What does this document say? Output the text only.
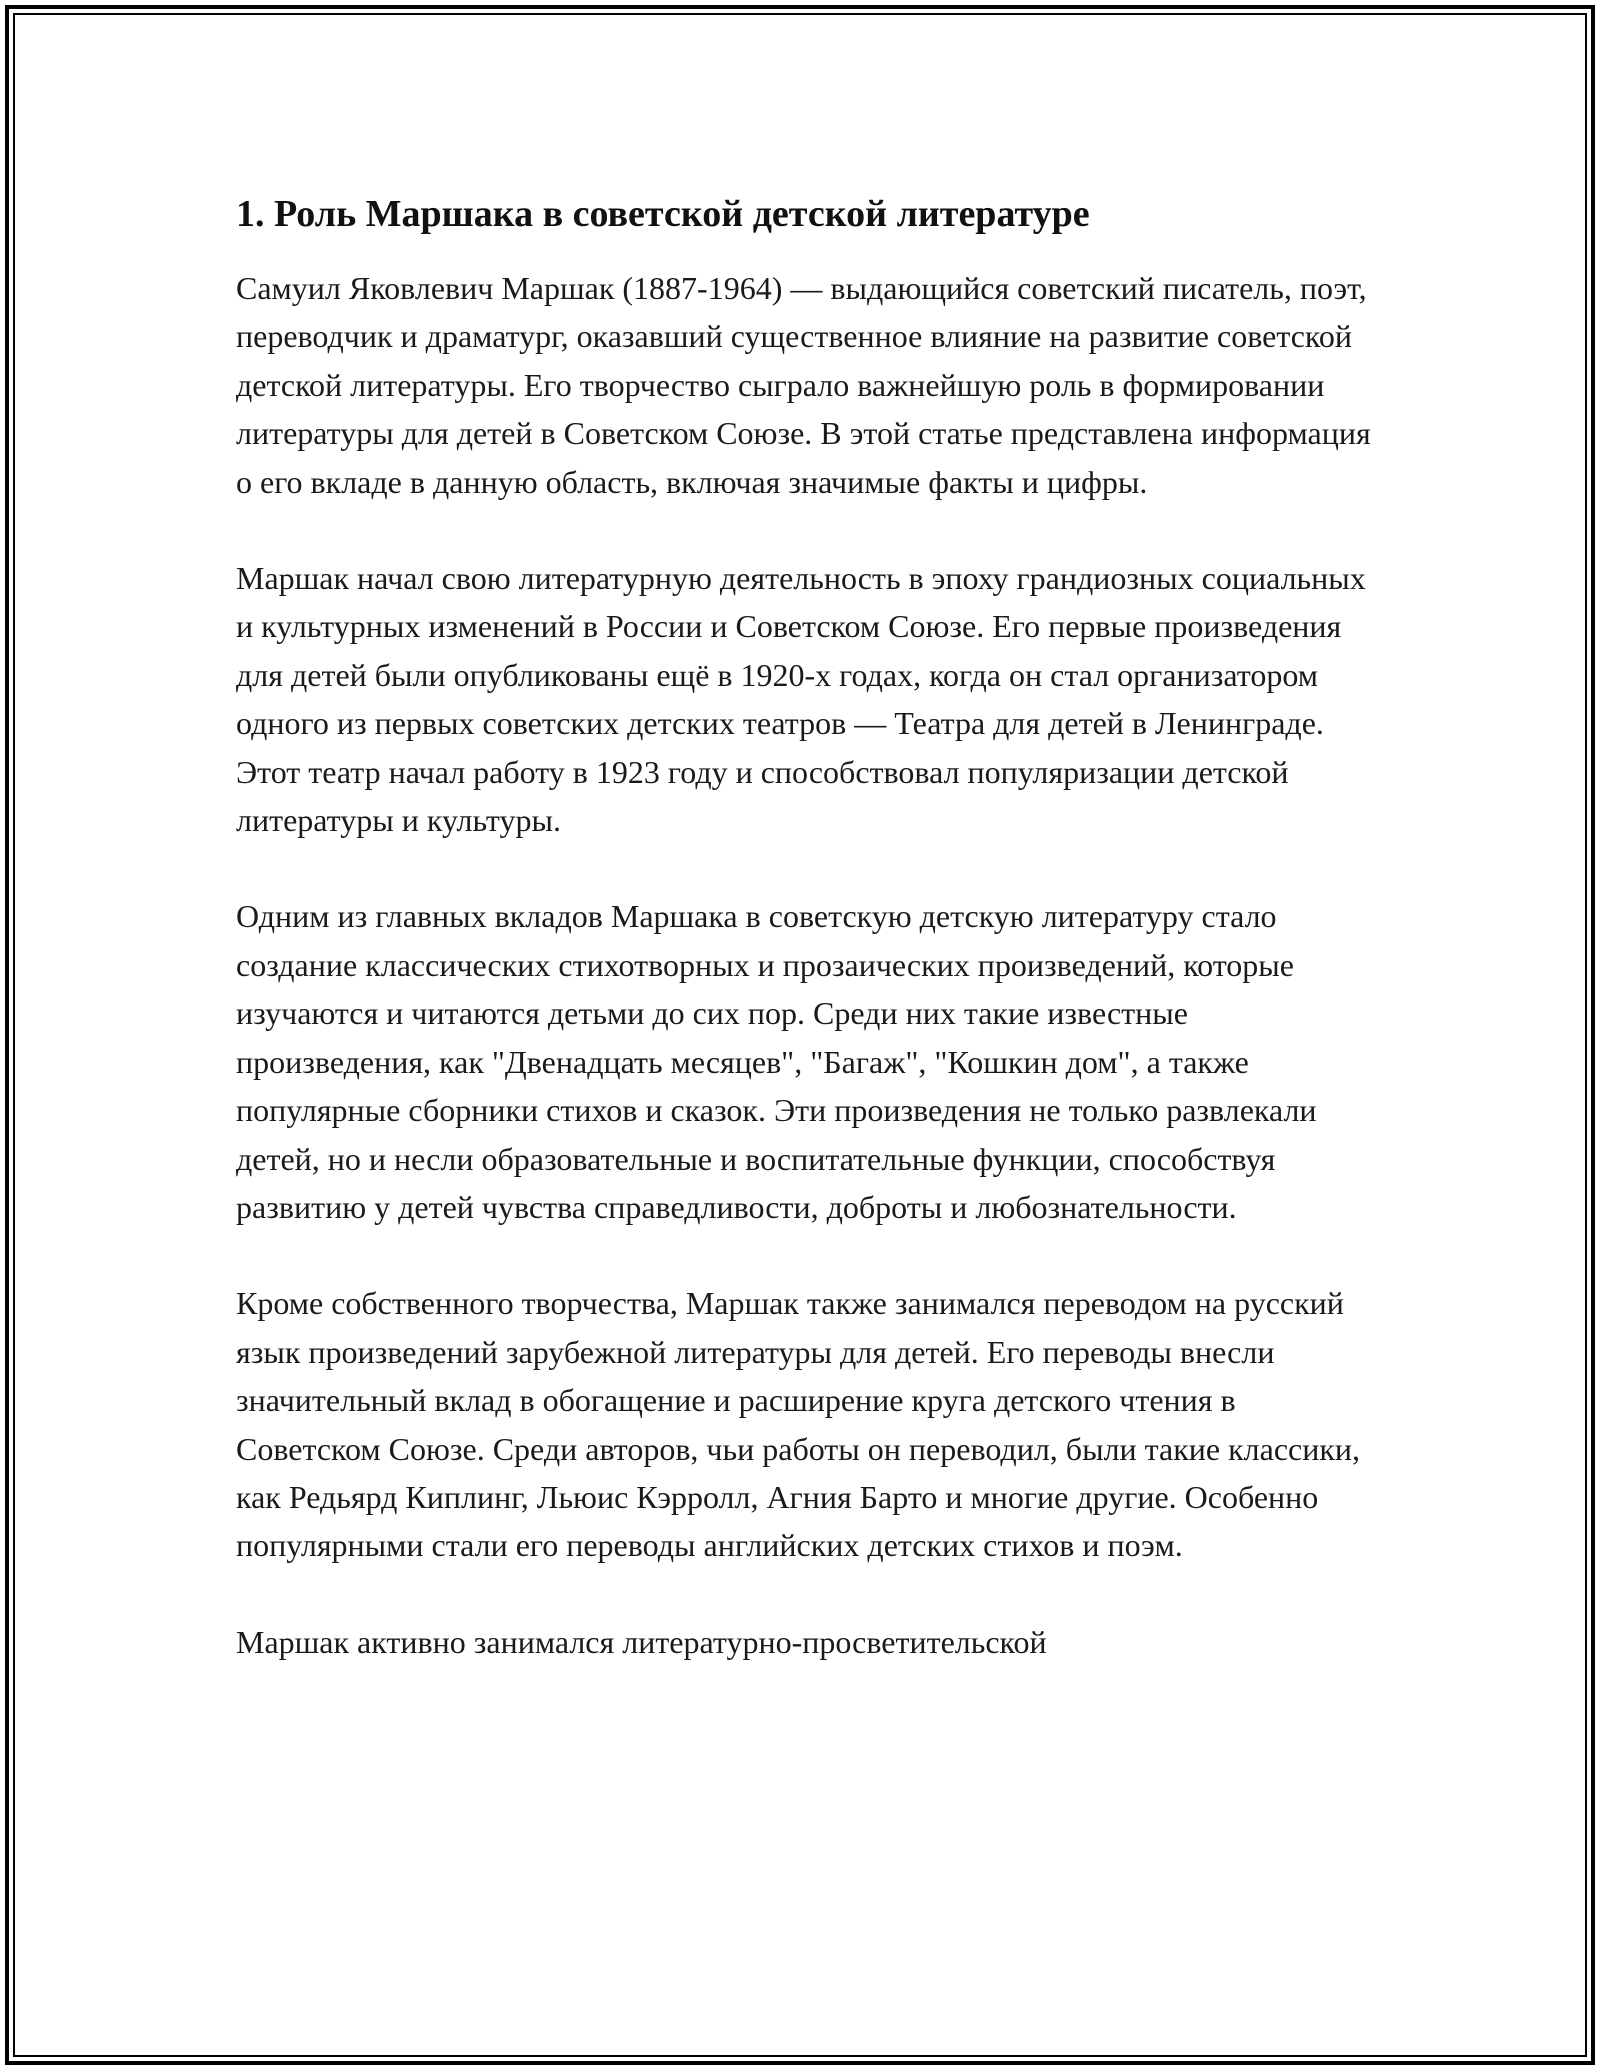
1. Роль Маршака в советской детской литературе

Самуил Яковлевич Маршак (1887-1964) — выдающийся советский писатель, поэт, переводчик и драматург, оказавший существенное влияние на развитие советской детской литературы. Его творчество сыграло важнейшую роль в формировании литературы для детей в Советском Союзе. В этой статье представлена информация о его вкладе в данную область, включая значимые факты и цифры.

Маршак начал свою литературную деятельность в эпоху грандиозных социальных и культурных изменений в России и Советском Союзе. Его первые произведения для детей были опубликованы ещё в 1920-х годах, когда он стал организатором одного из первых советских детских театров — Театра для детей в Ленинграде. Этот театр начал работу в 1923 году и способствовал популяризации детской литературы и культуры.

Одним из главных вкладов Маршака в советскую детскую литературу стало создание классических стихотворных и прозаических произведений, которые изучаются и читаются детьми до сих пор. Среди них такие известные произведения, как "Двенадцать месяцев", "Багаж", "Кошкин дом", а также популярные сборники стихов и сказок. Эти произведения не только развлекали детей, но и несли образовательные и воспитательные функции, способствуя развитию у детей чувства справедливости, доброты и любознательности.

Кроме собственного творчества, Маршак также занимался переводом на русский язык произведений зарубежной литературы для детей. Его переводы внесли значительный вклад в обогащение и расширение круга детского чтения в Советском Союзе. Среди авторов, чьи работы он переводил, были такие классики, как Редьярд Киплинг, Льюис Кэрролл, Агния Барто и многие другие. Особенно популярными стали его переводы английских детских стихов и поэм.

Маршак активно занимался литературно-просветительской
